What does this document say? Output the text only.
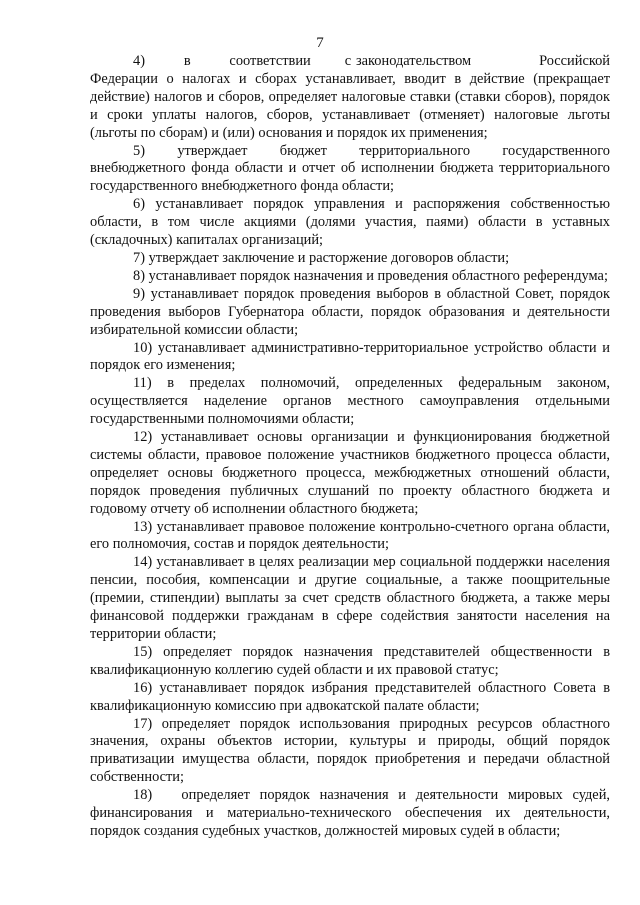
7

4)        в        соответствии       с законодательством              Российской Федерации о налогах и сборах устанавливает, вводит в действие (прекращает действие) налогов и сборов, определяет налоговые ставки (ставки сборов), порядок и сроки уплаты налогов, сборов, устанавливает (отменяет) налоговые льготы (льготы по сборам) и (или) основания и порядок их применения;

5)      утверждает      бюджет      территориального      государственного внебюджетного фонда области и отчет об исполнении бюджета территориального государственного внебюджетного фонда области;

6) устанавливает порядок управления и распоряжения собственностью области, в том числе акциями (долями участия, паями) области в уставных (складочных) капиталах организаций;

7) утверждает заключение и расторжение договоров области;

8) устанавливает порядок назначения и проведения областного референдума;

9) устанавливает порядок проведения выборов в областной Совет, порядок проведения выборов Губернатора области, порядок образования и деятельности избирательной комиссии области;

10) устанавливает административно-территориальное устройство области и порядок его изменения;

11) в пределах полномочий, определенных федеральным законом, осуществляется наделение органов местного самоуправления отдельными государственными полномочиями области;

12) устанавливает основы организации и функционирования бюджетной системы области, правовое положение участников бюджетного процесса области, определяет основы бюджетного процесса, межбюджетных отношений области, порядок проведения публичных слушаний по проекту областного бюджета и годовому отчету об исполнении областного бюджета;

13) устанавливает правовое положение контрольно-счетного органа области, его полномочия, состав и порядок деятельности;

14) устанавливает в целях реализации мер социальной поддержки населения пенсии, пособия, компенсации и другие социальные, а также поощрительные (премии, стипендии) выплаты за счет средств областного бюджета, а также меры финансовой поддержки гражданам в сфере содействия занятости населения на территории области;

15) определяет порядок назначения представителей общественности в квалификационную коллегию судей области и их правовой статус;

16) устанавливает порядок избрания представителей областного Совета в квалификационную комиссию при адвокатской палате области;

17) определяет порядок использования природных ресурсов областного значения, охраны объектов истории, культуры и природы, общий порядок приватизации имущества области, порядок приобретения и передачи областной собственности;

18)   определяет порядок назначения и деятельности мировых судей, финансирования и материально-технического обеспечения их деятельности, порядок создания судебных участков, должностей мировых судей в области;
